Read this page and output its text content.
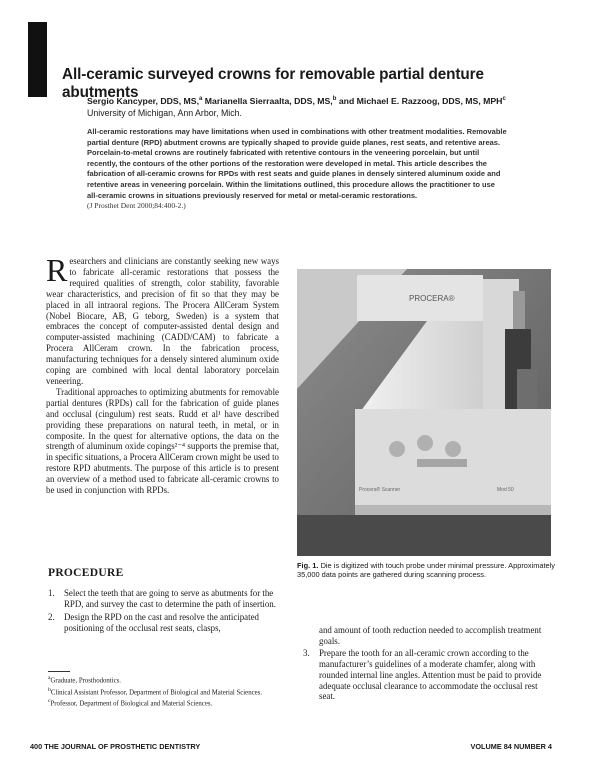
All-ceramic surveyed crowns for removable partial denture abutments
Sergio Kancyper, DDS, MS,$^a$ Marianella Sierraalta, DDS, MS,$^b$ and Michael E. Razzoog, DDS, MS, MPH$^c$
University of Michigan, Ann Arbor, Mich.

All-ceramic restorations may have limitations when used in combinations with other treatment modalities. Removable partial denture (RPD) abutment crowns are typically shaped to provide guide planes, rest seats, and retentive areas. Porcelain-to-metal crowns are routinely fabricated with retentive contours in the veneering porcelain, but until recently, the contours of the other portions of the restoration were developed in metal. This article describes the fabrication of all-ceramic crowns for RPDs with rest seats and guide planes in densely sintered aluminum oxide and retentive areas in veneering porcelain. Within the limitations outlined, this procedure allows the practitioner to use all-ceramic crowns in situations previously reserved for metal or metal-ceramic restorations.
(J Prosthet Dent 2000;84:400-2.)

Researchers and clinicians are constantly seeking new ways to fabricate all-ceramic restorations that possess the required qualities of strength, color stability, favorable wear characteristics, and precision of fit so that they may be placed in all intraoral regions. The Procera AllCeram System (Nobel Biocare, AB, G teborg, Sweden) is a system that embraces the concept of computer-assisted dental design and computer-assisted machining (CADD/CAM) to fabricate a Procera AllCeram crown. In the fabrication process, manufacturing techniques for a densely sintered aluminum oxide coping are combined with local dental laboratory porcelain veneering.

Traditional approaches to optimizing abutments for removable partial dentures (RPDs) call for the fabrication of guide planes and occlusal (cingulum) rest seats. Rudd et al¹ have described providing these preparations on natural teeth, in metal, or in composite. In the quest for alternative options, the data on the strength of aluminum oxide copings²⁻⁴ supports the premise that, in specific situations, a Procera AllCeram crown might be used to restore RPD abutments. The purpose of this article is to present an overview of a method used to fabricate all-ceramic crowns to be used in conjunction with RPDs.

PROCEDURE
1.	Select the teeth that are going to serve as abutments for the RPD, and survey the cast to determine the path of insertion.
2.	Design the RPD on the cast and resolve the anticipated positioning of the occlusal rest seats, clasps,
$^a$Graduate, Prosthodontics.
$^b$Clinical Assistant Professor, Department of Biological and Material Sciences.
$^c$Professor, Department of Biological and Material Sciences.
PROCERA®
Procera® Scanner	Mod 50
Fig. 1. Die is digitized with touch probe under minimal pressure. Approximately 35,000 data points are gathered during scanning process.

and amount of tooth reduction needed to accomplish treatment goals.

3.	Prepare the tooth for an all-ceramic crown according to the manufacturer’s guidelines of a moderate chamfer, along with rounded internal line angles. Attention must be paid to provide adequate occlusal clearance to accommodate the occlusal rest seat.
400 THE JOURNAL OF PROSTHETIC DENTISTRY	VOLUME 84 NUMBER 4
